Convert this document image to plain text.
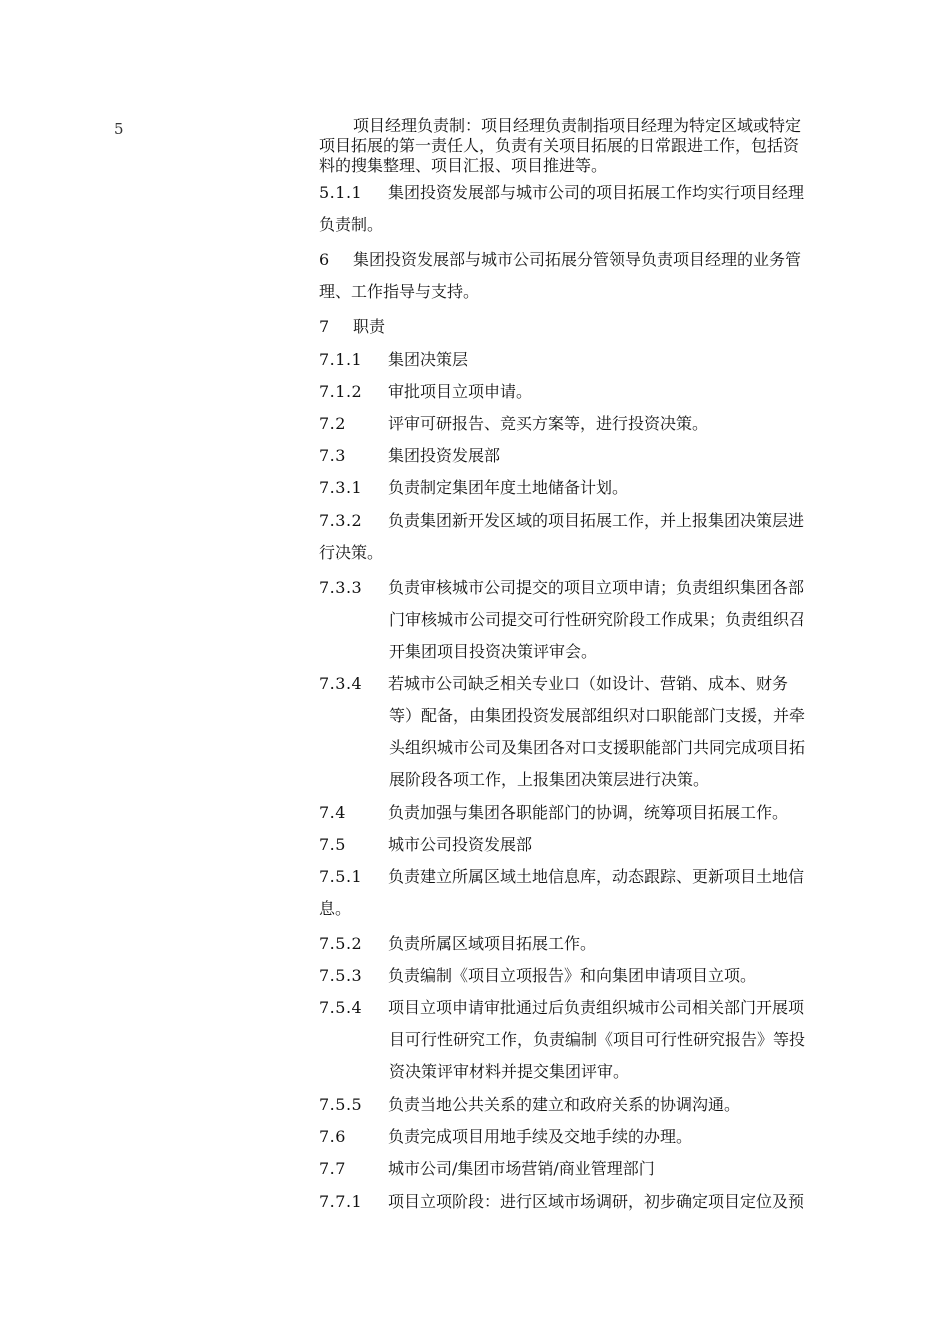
5	项目经理负责制：项目经理负责制指项目经理为特定区域或特定
项目拓展的第一责任人，负责有关项目拓展的日常跟进工作，包括资
料的搜集整理、项目汇报、项目推进等。
5.1.1	集团投资发展部与城市公司的项目拓展工作均实行项目经理
负责制。
6	集团投资发展部与城市公司拓展分管领导负责项目经理的业务管
理、工作指导与支持。
7	职责
7.1.1	集团决策层
7.1.2	审批项目立项申请。
7.2	评审可研报告、竞买方案等，进行投资决策。
7.3	集团投资发展部
7.3.1	负责制定集团年度土地储备计划。
7.3.2	负责集团新开发区域的项目拓展工作，并上报集团决策层进
行决策。
7.3.3	负责审核城市公司提交的项目立项申请；负责组织集团各部
门审核城市公司提交可行性研究阶段工作成果；负责组织召
开集团项目投资决策评审会。
7.3.4	若城市公司缺乏相关专业口（如设计、营销、成本、财务
等）配备，由集团投资发展部组织对口职能部门支援，并牵
头组织城市公司及集团各对口支援职能部门共同完成项目拓
展阶段各项工作，上报集团决策层进行决策。
7.4	负责加强与集团各职能部门的协调，统筹项目拓展工作。
7.5	城市公司投资发展部
7.5.1	负责建立所属区域土地信息库，动态跟踪、更新项目土地信
息。
7.5.2	负责所属区域项目拓展工作。
7.5.3	负责编制《项目立项报告》和向集团申请项目立项。
7.5.4	项目立项申请审批通过后负责组织城市公司相关部门开展项
目可行性研究工作，负责编制《项目可行性研究报告》等投
资决策评审材料并提交集团评审。
7.5.5	负责当地公共关系的建立和政府关系的协调沟通。
7.6	负责完成项目用地手续及交地手续的办理。
7.7	城市公司/集团市场营销/商业管理部门
7.7.1	项目立项阶段：进行区域市场调研，初步确定项目定位及预
